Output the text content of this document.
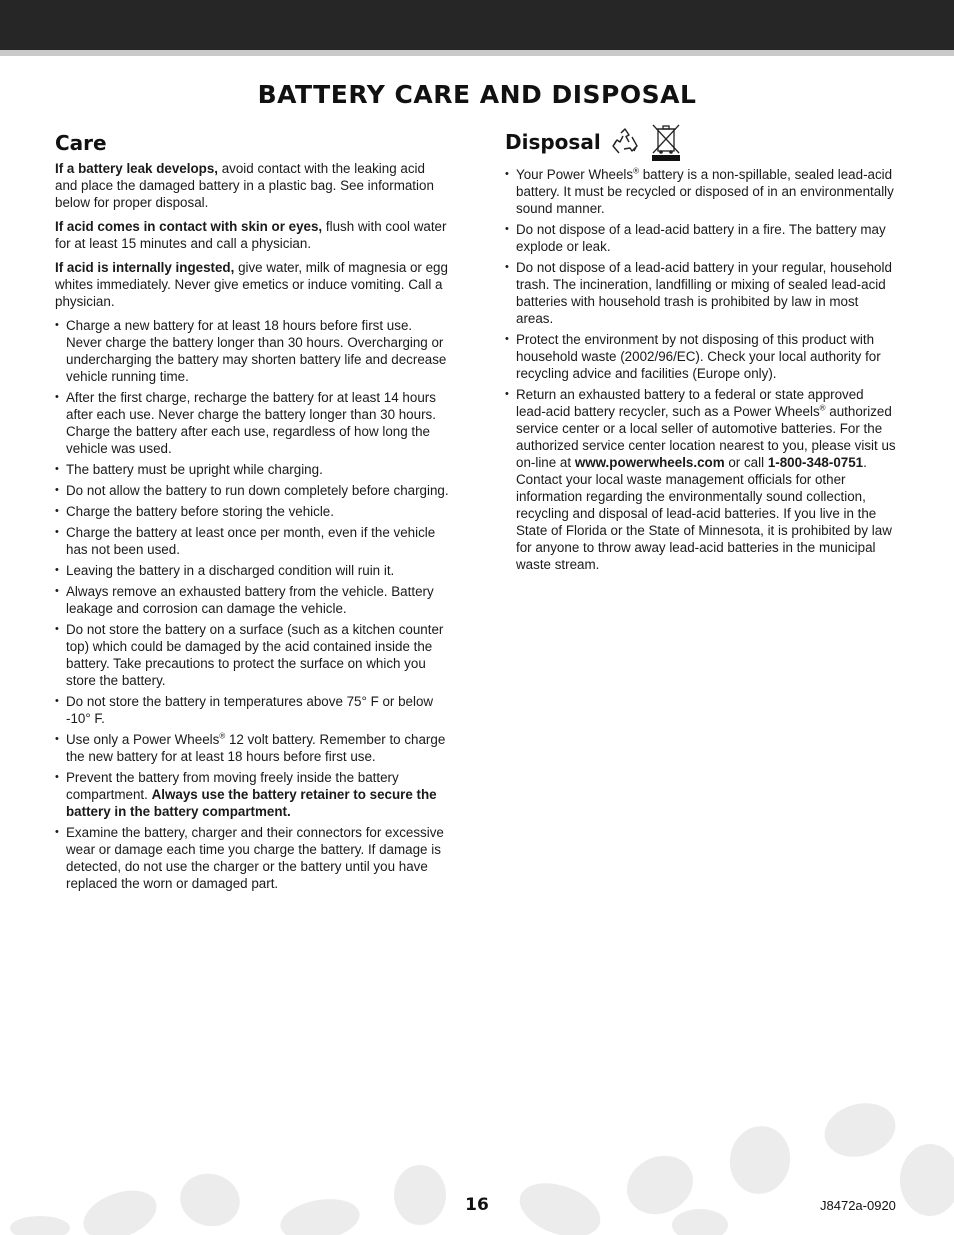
BATTERY CARE AND DISPOSAL
Care

If a battery leak develops, avoid contact with the leaking acid and place the damaged battery in a plastic bag. See information below for proper disposal.

If acid comes in contact with skin or eyes, flush with cool water for at least 15 minutes and call a physician.

If acid is internally ingested, give water, milk of magnesia or egg whites immediately. Never give emetics or induce vomiting. Call a physician.

• Charge a new battery for at least 18 hours before first use. Never charge the battery longer than 30 hours. Overcharging or undercharging the battery may shorten battery life and decrease vehicle running time.
• After the first charge, recharge the battery for at least 14 hours after each use. Never charge the battery longer than 30 hours. Charge the battery after each use, regardless of how long the vehicle was used.
• The battery must be upright while charging.
• Do not allow the battery to run down completely before charging.
• Charge the battery before storing the vehicle.
• Charge the battery at least once per month, even if the vehicle has not been used.
• Leaving the battery in a discharged condition will ruin it.
• Always remove an exhausted battery from the vehicle. Battery leakage and corrosion can damage the vehicle.
• Do not store the battery on a surface (such as a kitchen counter top) which could be damaged by the acid contained inside the battery. Take precautions to protect the surface on which you store the battery.
• Do not store the battery in temperatures above 75° F or below -10° F.
• Use only a Power Wheels® 12 volt battery. Remember to charge the new battery for at least 18 hours before first use.
• Prevent the battery from moving freely inside the battery compartment. Always use the battery retainer to secure the battery in the battery compartment.
• Examine the battery, charger and their connectors for excessive wear or damage each time you charge the battery. If damage is detected, do not use the charger or the battery until you have replaced the worn or damaged part.
Disposal
• Your Power Wheels® battery is a non-spillable, sealed lead-acid battery. It must be recycled or disposed of in an environmentally sound manner.
• Do not dispose of a lead-acid battery in a fire. The battery may explode or leak.
• Do not dispose of a lead-acid battery in your regular, household trash. The incineration, landfilling or mixing of sealed lead-acid batteries with household trash is prohibited by law in most areas.
• Protect the environment by not disposing of this product with household waste (2002/96/EC). Check your local authority for recycling advice and facilities (Europe only).
• Return an exhausted battery to a federal or state approved lead-acid battery recycler, such as a Power Wheels® authorized service center or a local seller of automotive batteries. For the authorized service center location nearest to you, please visit us on-line at www.powerwheels.com or call 1-800-348-0751. Contact your local waste management officials for other information regarding the environmentally sound collection, recycling and disposal of lead-acid batteries. If you live in the State of Florida or the State of Minnesota, it is prohibited by law for anyone to throw away lead-acid batteries in the municipal waste stream.
16	J8472a-0920
